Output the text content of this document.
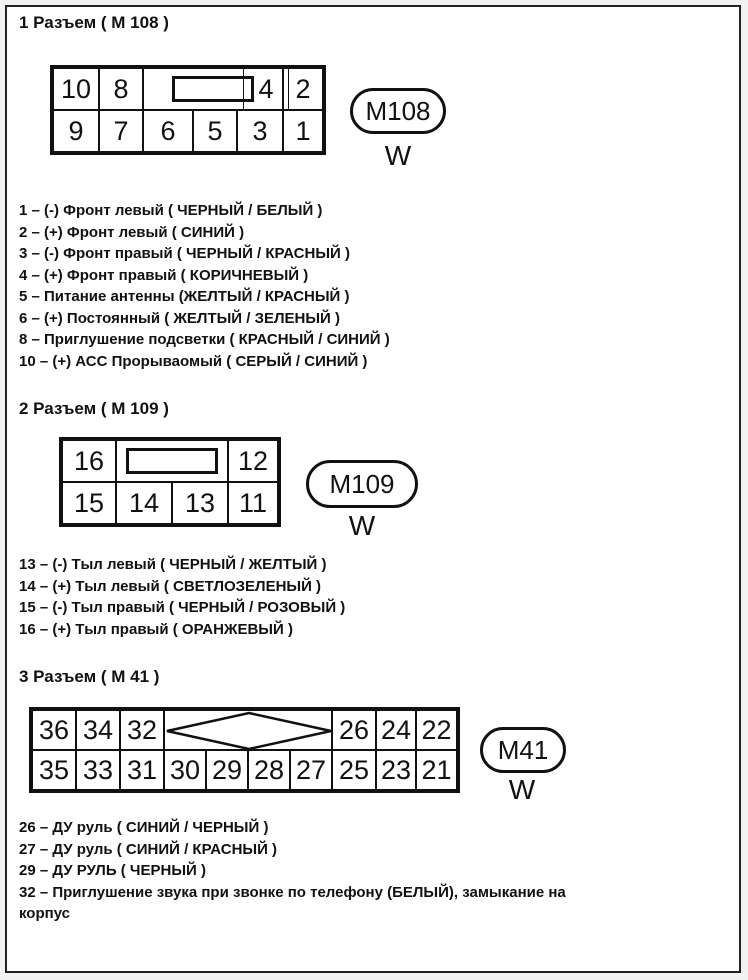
1 Разъем ( M 108 )
10 8	4 2
9	7	6	5	3	1
M108
W
1 – (-) Фронт левый ( ЧЕРНЫЙ / БЕЛЫЙ )
2 – (+) Фронт левый ( СИНИЙ )
3 – (-) Фронт правый ( ЧЕРНЫЙ / КРАСНЫЙ )
4 – (+) Фронт правый ( КОРИЧНЕВЫЙ )
5 – Питание антенны (ЖЕЛТЫЙ / КРАСНЫЙ )
6 – (+) Постоянный ( ЖЕЛТЫЙ / ЗЕЛЕНЫЙ )
8 – Приглушение подсветки ( КРАСНЫЙ / СИНИЙ )
10 – (+) АСС Прорываомый ( СЕРЫЙ / СИНИЙ )
2 Разъем ( M 109 )
16	12
15 14 13 11
M109
W
13 – (-) Тыл левый ( ЧЕРНЫЙ / ЖЕЛТЫЙ )
14 – (+) Тыл левый ( СВЕТЛОЗЕЛЕНЫЙ )
15 – (-) Тыл правый ( ЧЕРНЫЙ / РОЗОВЫЙ )
16 – (+) Тыл правый ( ОРАНЖЕВЫЙ )
3 Разъем ( M 41 )
36 34 32	26 24 22
35 33 31 30 29 28 27 25 23 21
M41
W
26 – ДУ руль ( СИНИЙ / ЧЕРНЫЙ )
27 – ДУ руль ( СИНИЙ / КРАСНЫЙ )
29 – ДУ РУЛЬ ( ЧЕРНЫЙ )
32 – Приглушение звука при звонке по телефону (БЕЛЫЙ), замыкание на
корпус
